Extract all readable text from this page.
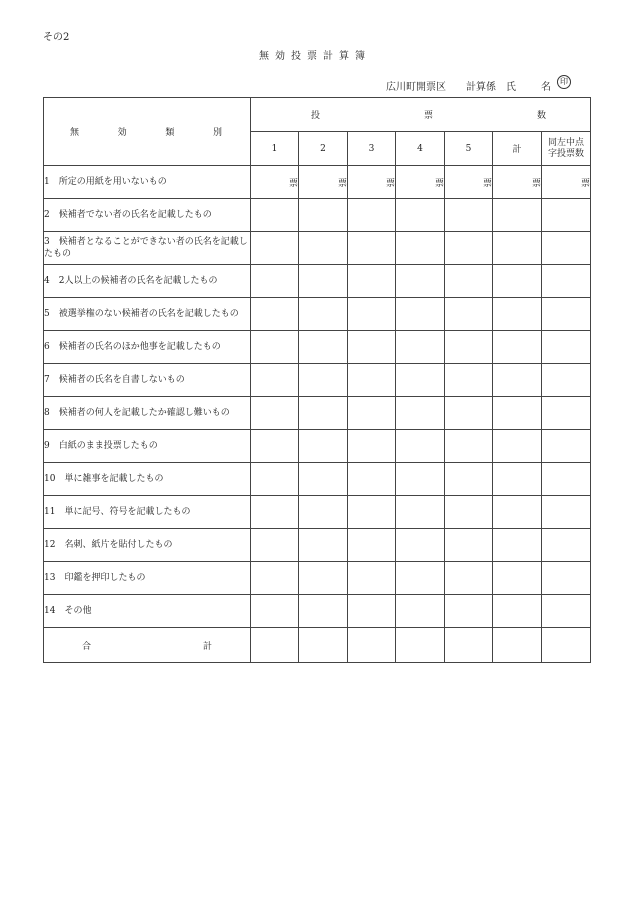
その2
無効投票計算簿
広川町開票区 計算係　氏	名
印
無 効 類 別	投 票 数						

	1	2	3	4	5	計	同左中点
字投票数
1　所定の用紙を用いないもの	票	票	票	票	票	票	票
2　候補者でない者の氏名を記載したもの							
3　候補者となることができない者の氏名を記載したもの							
4　2人以上の候補者の氏名を記載したもの							
5　被選挙権のない候補者の氏名を記載したもの							
6　候補者の氏名のほか他事を記載したもの							
7　候補者の氏名を自書しないもの							
8　候補者の何人を記載したか確認し難いもの							
9　白紙のまま投票したもの							
10　単に雑事を記載したもの							
11　単に記号、符号を記載したもの							
12　名刺、紙片を貼付したもの							
13　印鑑を押印したもの							
14　その他							

合 計							
